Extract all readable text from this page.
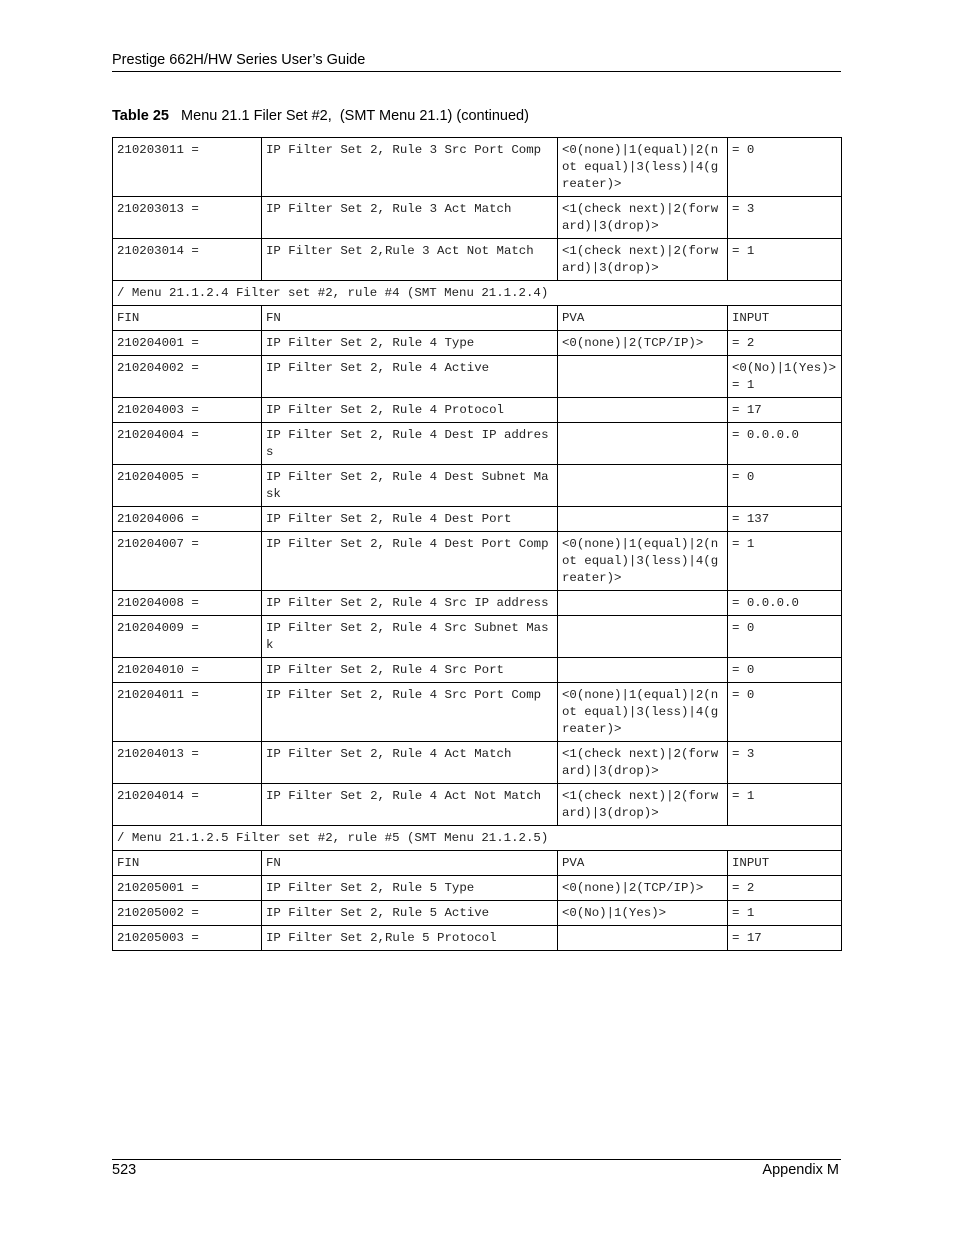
Prestige 662H/HW Series User’s Guide
Table 25 Menu 21.1 Filer Set #2,  (SMT Menu 21.1) (continued)
210203011 =	IP Filter Set 2, Rule 3 Src Port Comp	<0(none)|1(equal)|2(not equal)|3(less)|4(greater)>	= 0
210203013 =	IP Filter Set 2, Rule 3 Act Match	<1(check next)|2(forward)|3(drop)>	= 3
210203014 =	IP Filter Set 2,Rule 3 Act Not Match	<1(check next)|2(forward)|3(drop)>	= 1
/ Menu 21.1.2.4 Filter set #2, rule #4 (SMT Menu 21.1.2.4)			
FIN	FN	PVA	INPUT
210204001 =	IP Filter Set 2, Rule 4 Type	<0(none)|2(TCP/IP)>	= 2
210204002 =	IP Filter Set 2, Rule 4 Active		<0(No)|1(Yes)> = 1
210204003 =	IP Filter Set 2, Rule 4 Protocol		= 17
210204004 =	IP Filter Set 2, Rule 4 Dest IP address		= 0.0.0.0
210204005 =	IP Filter Set 2, Rule 4 Dest Subnet Mask		= 0
210204006 =	IP Filter Set 2, Rule 4 Dest Port		= 137
210204007 =	IP Filter Set 2, Rule 4 Dest Port Comp	<0(none)|1(equal)|2(not equal)|3(less)|4(greater)>	= 1
210204008 =	IP Filter Set 2, Rule 4 Src IP address		= 0.0.0.0
210204009 =	IP Filter Set 2, Rule 4 Src Subnet Mask		= 0
210204010 =	IP Filter Set 2, Rule 4 Src Port		= 0
210204011 =	IP Filter Set 2, Rule 4 Src Port Comp	<0(none)|1(equal)|2(not equal)|3(less)|4(greater)>	= 0
210204013 =	IP Filter Set 2, Rule 4 Act Match	<1(check next)|2(forward)|3(drop)>	= 3
210204014 =	IP Filter Set 2, Rule 4 Act Not Match	<1(check next)|2(forward)|3(drop)>	= 1
/ Menu 21.1.2.5 Filter set #2, rule #5 (SMT Menu 21.1.2.5)			
FIN	FN	PVA	INPUT
210205001 =	IP Filter Set 2, Rule 5 Type	<0(none)|2(TCP/IP)>	= 2
210205002 =	IP Filter Set 2, Rule 5 Active	<0(No)|1(Yes)>	= 1
210205003 =	IP Filter Set 2,Rule 5 Protocol		= 17
523	Appendix M
